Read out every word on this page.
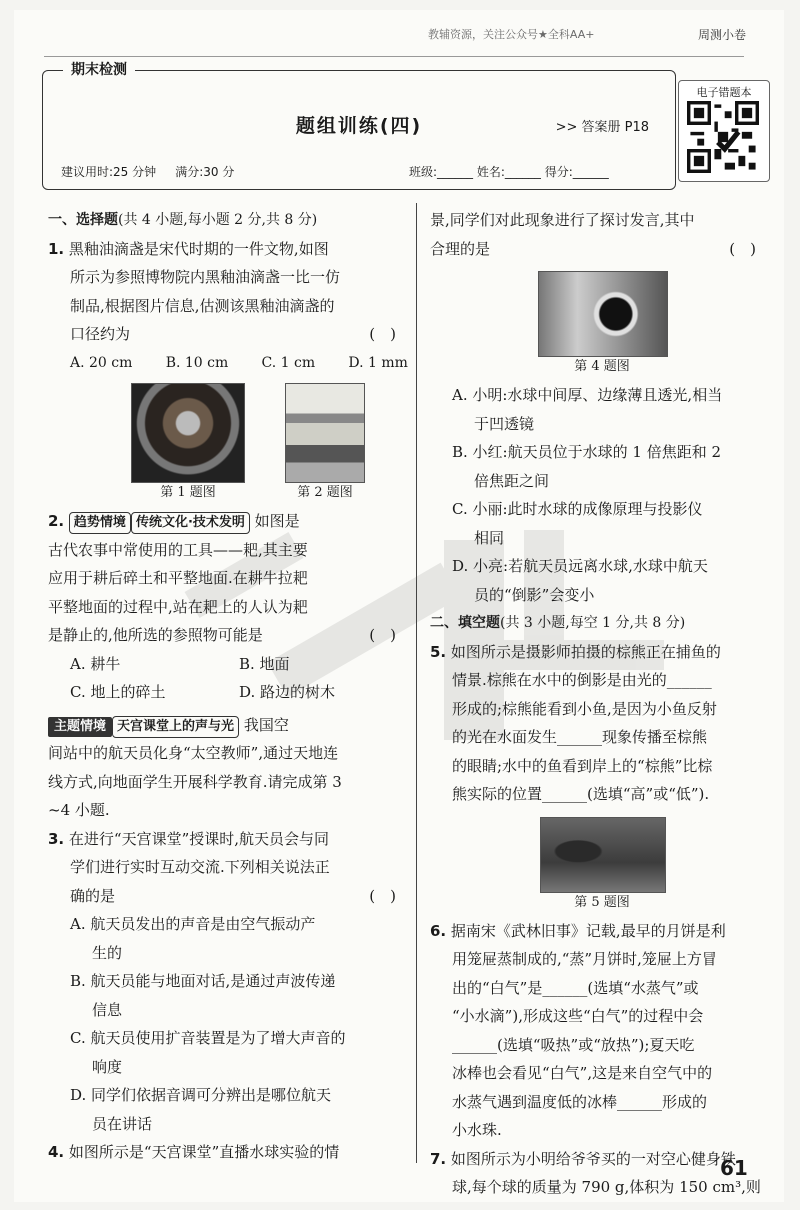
教辅资源，关注公众号★全科AA+	周测小卷
期末检测
题组训练(四)	>> 答案册 P18
建议用时:25 分钟 满分:30 分	班级:______ 姓名:______ 得分:______
电子错题本
一、选择题(共 4 小题,每小题 2 分,共 8 分)
1. 黑釉油滴盏是宋代时期的一件文物,如图
所示为参照博物院内黑釉油滴盏一比一仿
制品,根据图片信息,估测该黑釉油滴盏的
口径约为	(　)
A. 20 cm B. 10 cm C. 1 cm D. 1 mm
第 1 题图	第 2 题图
2. 趋势情境 传统文化·技术发明 如图是
古代农事中常使用的工具——耙,其主要
应用于耕后碎土和平整地面.在耕牛拉耙
平整地面的过程中,站在耙上的人认为耙
是静止的,他所选的参照物可能是	(　)
A. 耕牛	B. 地面
C. 地上的碎土	D. 路边的树木
主题情境 天宫课堂上的声与光 我国空
间站中的航天员化身“太空教师”,通过天地连
线方式,向地面学生开展科学教育.请完成第 3
~4 小题.
3. 在进行“天宫课堂”授课时,航天员会与同
学们进行实时互动交流.下列相关说法正
确的是	(　)
A. 航天员发出的声音是由空气振动产
生的
B. 航天员能与地面对话,是通过声波传递
信息
C. 航天员使用扩音装置是为了增大声音的
响度
D. 同学们依据音调可分辨出是哪位航天
员在讲话
4. 如图所示是“天宫课堂”直播水球实验的情
景,同学们对此现象进行了探讨发言,其中
合理的是	(　)
第 4 题图
A. 小明:水球中间厚、边缘薄且透光,相当
于凹透镜
B. 小红:航天员位于水球的 1 倍焦距和 2
倍焦距之间
C. 小丽:此时水球的成像原理与投影仪
相同
D. 小亮:若航天员远离水球,水球中航天
员的“倒影”会变小
二、填空题(共 3 小题,每空 1 分,共 8 分)
5. 如图所示是摄影师拍摄的棕熊正在捕鱼的
情景.棕熊在水中的倒影是由光的______
形成的;棕熊能看到小鱼,是因为小鱼反射
的光在水面发生______现象传播至棕熊
的眼睛;水中的鱼看到岸上的“棕熊”比棕
熊实际的位置______(选填“高”或“低”).
第 5 题图
6. 据南宋《武林旧事》记载,最早的月饼是利
用笼屉蒸制成的,“蒸”月饼时,笼屉上方冒
出的“白气”是______(选填“水蒸气”或
“小水滴”),形成这些“白气”的过程中会
______(选填“吸热”或“放热”);夏天吃
冰棒也会看见“白气”,这是来自空气中的
水蒸气遇到温度低的冰棒______形成的
小水珠.
7. 如图所示为小明给爷爷买的一对空心健身铁
球,每个球的质量为 790 g,体积为 150 cm³,则
61
